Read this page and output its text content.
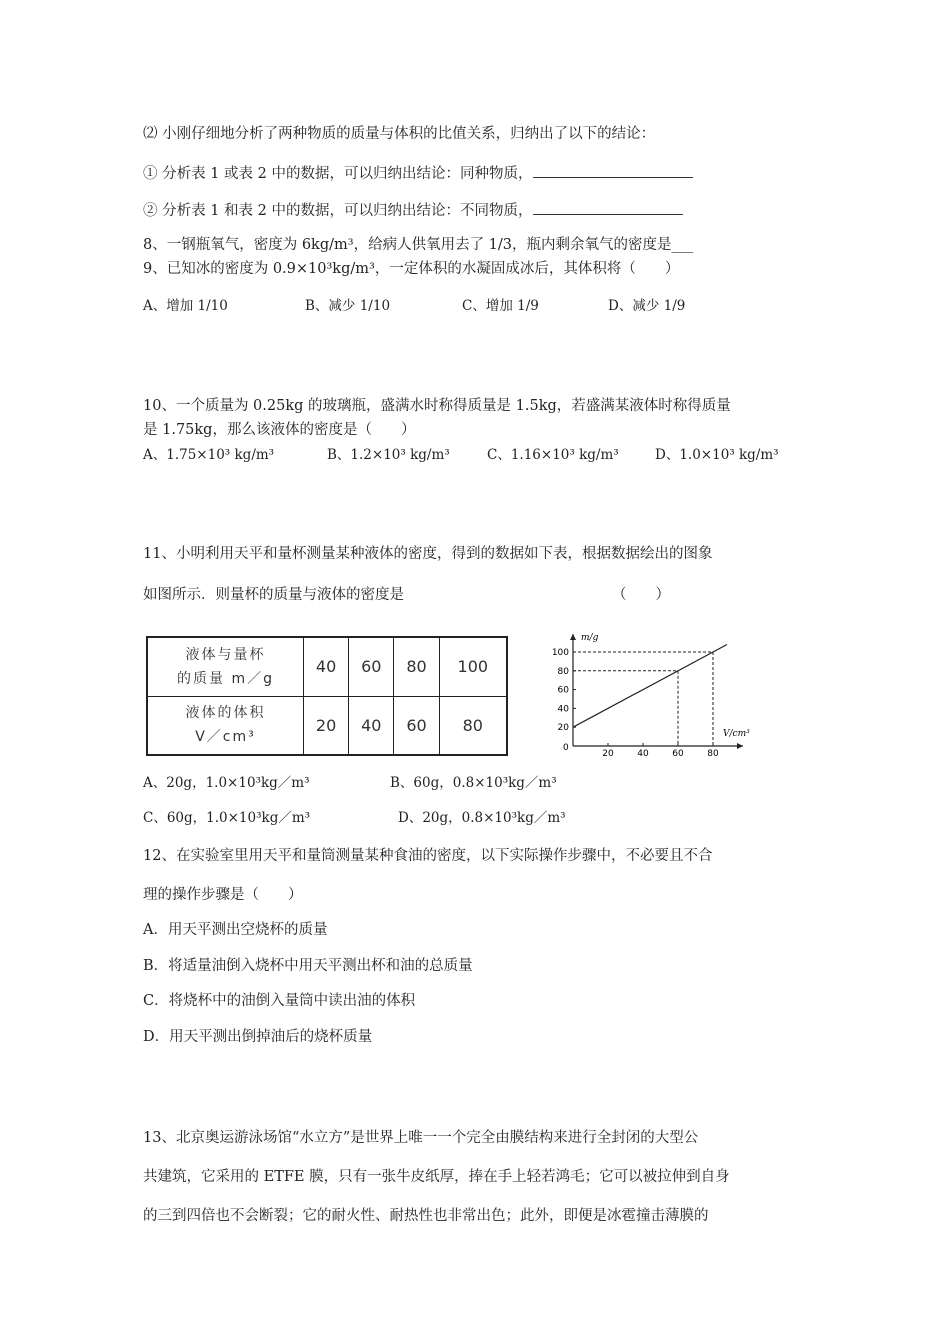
⑵ 小刚仔细地分析了两种物质的质量与体积的比值关系，归纳出了以下的结论：
① 分析表 1 或表 2 中的数据，可以归纳出结论：同种物质，
② 分析表 1 和表 2 中的数据，可以归纳出结论：不同物质，
8、一钢瓶氧气，密度为 6kg/m³，给病人供氧用去了 1/3，瓶内剩余氧气的密度是___
9、已知冰的密度为 0.9×10³kg/m³，一定体积的水凝固成冰后，其体积将（　　）
A、增加 1/10	B、减少 1/10	C、增加 1/9	D、减少 1/9
10、一个质量为 0.25kg 的玻璃瓶，盛满水时称得质量是 1.5kg，若盛满某液体时称得质量
是 1.75kg，那么该液体的密度是（　　）
A、1.75×10³ kg/m³	B、1.2×10³ kg/m³	C、1.16×10³ kg/m³	D、1.0×10³ kg/m³
11、小明利用天平和量杯测量某种液体的密度，得到的数据如下表，根据数据绘出的图象
如图所示．则量杯的质量与液体的密度是	（　　）
液体与量杯
的质量 m／g	40	60	80	100

液体的体积
V／cm³	20	40	60	80
m/g
V/cm³
0
20	40	60	80
20
40
60
80
100
A、20g，1.0×10³kg／m³	B、60g，0.8×10³kg／m³
C、60g，1.0×10³kg／m³	D、20g，0.8×10³kg／m³
12、在实验室里用天平和量筒测量某种食油的密度，以下实际操作步骤中，不必要且不合
理的操作步骤是（　　）
A．用天平测出空烧杯的质量
B．将适量油倒入烧杯中用天平测出杯和油的总质量
C．将烧杯中的油倒入量筒中读出油的体积
D．用天平测出倒掉油后的烧杯质量
13、北京奥运游泳场馆“水立方”是世界上唯一一个完全由膜结构来进行全封闭的大型公
共建筑，它采用的 ETFE 膜，只有一张牛皮纸厚，捧在手上轻若鸿毛；它可以被拉伸到自身
的三到四倍也不会断裂；它的耐火性、耐热性也非常出色；此外，即便是冰雹撞击薄膜的
